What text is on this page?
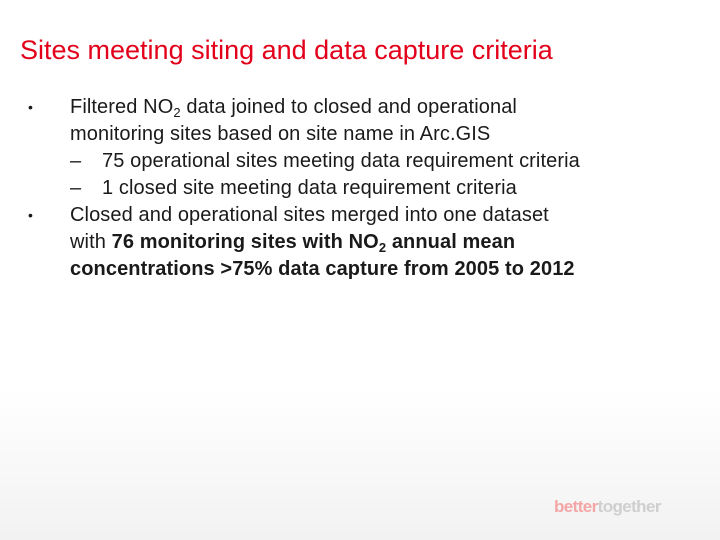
Sites meeting siting and data capture criteria
•	Filtered $NO_2$ data joined to closed and operational
monitoring sites based on site name in Arc.GIS
–	75 operational sites meeting data requirement criteria
–	1 closed site meeting data requirement criteria
•	Closed and operational sites merged into one dataset
with 76 monitoring sites with $NO_2$ annual mean
concentrations >75% data capture from 2005 to 2012
bettertogether
